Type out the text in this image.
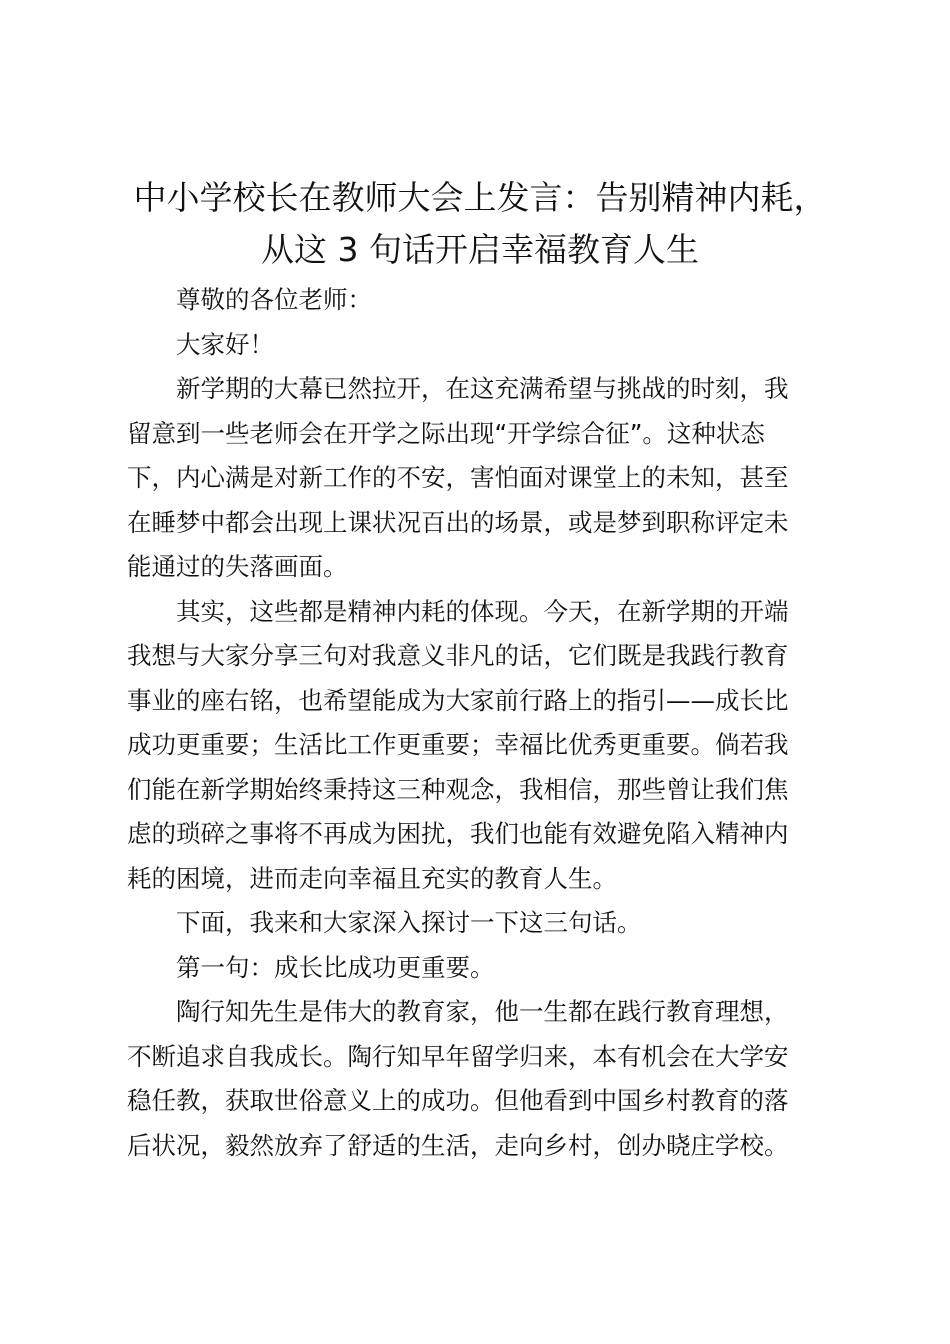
中小学校长在教师大会上发言：告别精神内耗，
从这 3 句话开启幸福教育人生

尊敬的各位老师：

大家好！

新学期的大幕已然拉开，在这充满希望与挑战的时刻，我
留意到一些老师会在开学之际出现“开学综合征”。这种状态
下，内心满是对新工作的不安，害怕面对课堂上的未知，甚至
在睡梦中都会出现上课状况百出的场景，或是梦到职称评定未
能通过的失落画面。

其实，这些都是精神内耗的体现。今天，在新学期的开端
我想与大家分享三句对我意义非凡的话，它们既是我践行教育
事业的座右铭，也希望能成为大家前行路上的指引——成长比
成功更重要；生活比工作更重要；幸福比优秀更重要。倘若我
们能在新学期始终秉持这三种观念，我相信，那些曾让我们焦
虑的琐碎之事将不再成为困扰，我们也能有效避免陷入精神内
耗的困境，进而走向幸福且充实的教育人生。

下面，我来和大家深入探讨一下这三句话。

第一句：成长比成功更重要。

陶行知先生是伟大的教育家，他一生都在践行教育理想，
不断追求自我成长。陶行知早年留学归来，本有机会在大学安
稳任教，获取世俗意义上的成功。但他看到中国乡村教育的落
后状况，毅然放弃了舒适的生活，走向乡村，创办晓庄学校。
